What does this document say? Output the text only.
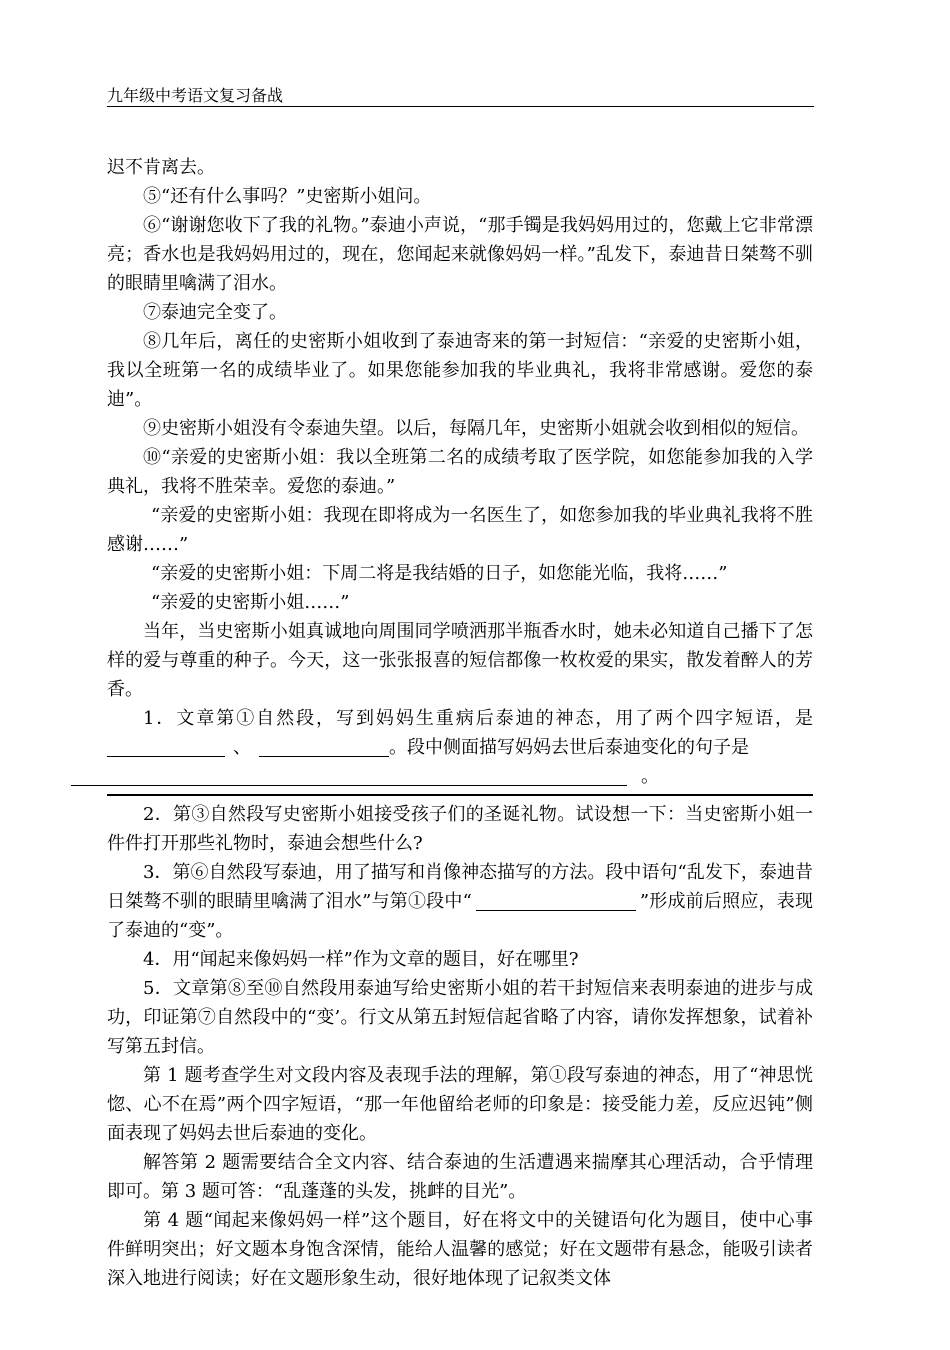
九年级中考语文复习备战
迟不肯离去。
⑤“还有什么事吗？”史密斯小姐问。
⑥“谢谢您收下了我的礼物。”泰迪小声说，“那手镯是我妈妈用过的，您戴上它非常漂亮；香水也是我妈妈用过的，现在，您闻起来就像妈妈一样。”乱发下，泰迪昔日桀骜不驯的眼睛里噙满了泪水。
⑦泰迪完全变了。
⑧几年后，离任的史密斯小姐收到了泰迪寄来的第一封短信：“亲爱的史密斯小姐，我以全班第一名的成绩毕业了。如果您能参加我的毕业典礼，我将非常感谢。爱您的泰迪”。
⑨史密斯小姐没有令泰迪失望。以后，每隔几年，史密斯小姐就会收到相似的短信。
⑩“亲爱的史密斯小姐：我以全班第二名的成绩考取了医学院，如您能参加我的入学典礼，我将不胜荣幸。爱您的泰迪。”
“亲爱的史密斯小姐：我现在即将成为一名医生了，如您参加我的毕业典礼我将不胜感谢……”
“亲爱的史密斯小姐：下周二将是我结婚的日子，如您能光临，我将……”
“亲爱的史密斯小姐……”
当年，当史密斯小姐真诚地向周围同学喷洒那半瓶香水时，她未必知道自己播下了怎样的爱与尊重的种子。今天，这一张张报喜的短信都像一枚枚爱的果实，散发着醉人的芳香。
1．文章第①自然段，写到妈妈生重病后泰迪的神态，用了两个四字短语，是 、	。段中侧面描写妈妈去世后泰迪变化的句子是
。
2．第③自然段写史密斯小姐接受孩子们的圣诞礼物。试设想一下：当史密斯小姐一件件打开那些礼物时，泰迪会想些什么?
3．第⑥自然段写泰迪，用了描写和肖像神态描写的方法。段中语句“乱发下，泰迪昔日桀骜不驯的眼睛里噙满了泪水”与第①段中“	”形成前后照应，表现了泰迪的“变”。
4．用“闻起来像妈妈一样”作为文章的题目，好在哪里?
5．文章第⑧至⑩自然段用泰迪写给史密斯小姐的若干封短信来表明泰迪的进步与成功，印证第⑦自然段中的“变’。行文从第五封短信起省略了内容，请你发挥想象，试着补写第五封信。
第 1 题考查学生对文段内容及表现手法的理解，第①段写泰迪的神态，用了“神思恍惚、心不在焉”两个四字短语，“那一年他留给老师的印象是：接受能力差，反应迟钝”侧面表现了妈妈去世后泰迪的变化。
解答第 2 题需要结合全文内容、结合泰迪的生活遭遇来揣摩其心理活动，合乎情理即可。第 3 题可答：“乱蓬蓬的头发，挑衅的目光”。
第 4 题“闻起来像妈妈一样”这个题目，好在将文中的关键语句化为题目，使中心事件鲜明突出；好文题本身饱含深情，能给人温馨的感觉；好在文题带有悬念，能吸引读者深入地进行阅读；好在文题形象生动，很好地体现了记叙类文体
